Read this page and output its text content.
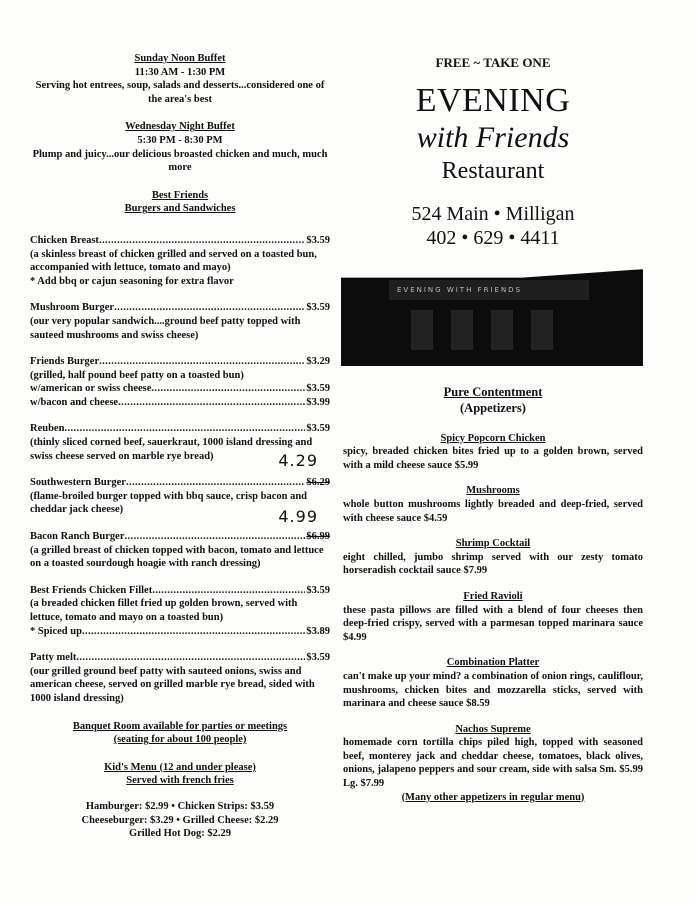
Sunday Noon Buffet
11:30 AM - 1:30 PM
Serving hot entrees, soup, salads and desserts...considered one of the area's best
Wednesday Night Buffet
5:30 PM - 8:30 PM
Plump and juicy...our delicious broasted chicken and much, much more
Best Friends
Burgers and Sandwiches
Chicken Breast .....	$3.59
(a skinless breast of chicken grilled and served on a toasted bun, accompanied with lettuce, tomato and mayo)
* Add bbq or cajun seasoning for extra flavor
Mushroom Burger .....	$3.59
(our very popular sandwich....ground beef patty topped with sauteed mushrooms and swiss cheese)
Friends Burger .....	$3.29
(grilled, half pound beef patty on a toasted bun)
w/american or swiss cheese .....	$3.59
w/bacon and cheese .....	$3.99
Reuben .....	$3.59
(thinly sliced corned beef, sauerkraut, 1000 island dressing and swiss cheese served on marble rye bread)	4.29
Southwestern Burger .....	$6.29
(flame-broiled burger topped with bbq sauce, crisp bacon and cheddar jack cheese)	4.99
Bacon Ranch Burger .....	$6.99
(a grilled breast of chicken topped with bacon, tomato and lettuce on a toasted sourdough hoagie with ranch dressing)
Best Friends Chicken Fillet .....	$3.59
(a breaded chicken fillet fried up golden brown, served with lettuce, tomato and mayo on a toasted bun)
* Spiced up .....	$3.89
Patty melt .....	$3.59
(our grilled ground beef patty with sauteed onions, swiss and american cheese, served on grilled marble rye bread, sided with 1000 island dressing)
Banquet Room available for parties or meetings
(seating for about 100 people)
Kid's Menu (12 and under please)
Served with french fries
Hamburger: $2.99 • Chicken Strips: $3.59
Cheeseburger: $3.29 • Grilled Cheese: $2.29
Grilled Hot Dog: $2.29
FREE ~ TAKE ONE
EVENING
with Friends
Restaurant
524 Main • Milligan
402 • 629 • 4411
EVENING WITH FRIENDS
Pure Contentment
(Appetizers)
Spicy Popcorn Chicken
spicy, breaded chicken bites fried up to a golden brown, served with a mild cheese sauce $5.99
Mushrooms
whole button mushrooms lightly breaded and deep-fried, served with cheese sauce $4.59
Shrimp Cocktail
eight chilled, jumbo shrimp served with our zesty tomato horseradish cocktail sauce $7.99
Fried Ravioli
these pasta pillows are filled with a blend of four cheeses then deep-fried crispy, served with a parmesan topped marinara sauce $4.99
Combination Platter
can't make up your mind? a combination of onion rings, cauliflour, mushrooms, chicken bites and mozzarella sticks, served with marinara and cheese sauce $8.59
Nachos Supreme
homemade corn tortilla chips piled high, topped with seasoned beef, monterey jack and cheddar cheese, tomatoes, black olives, onions, jalapeno peppers and sour cream, side with salsa Sm. $5.99 Lg. $7.99
(Many other appetizers in regular menu)
